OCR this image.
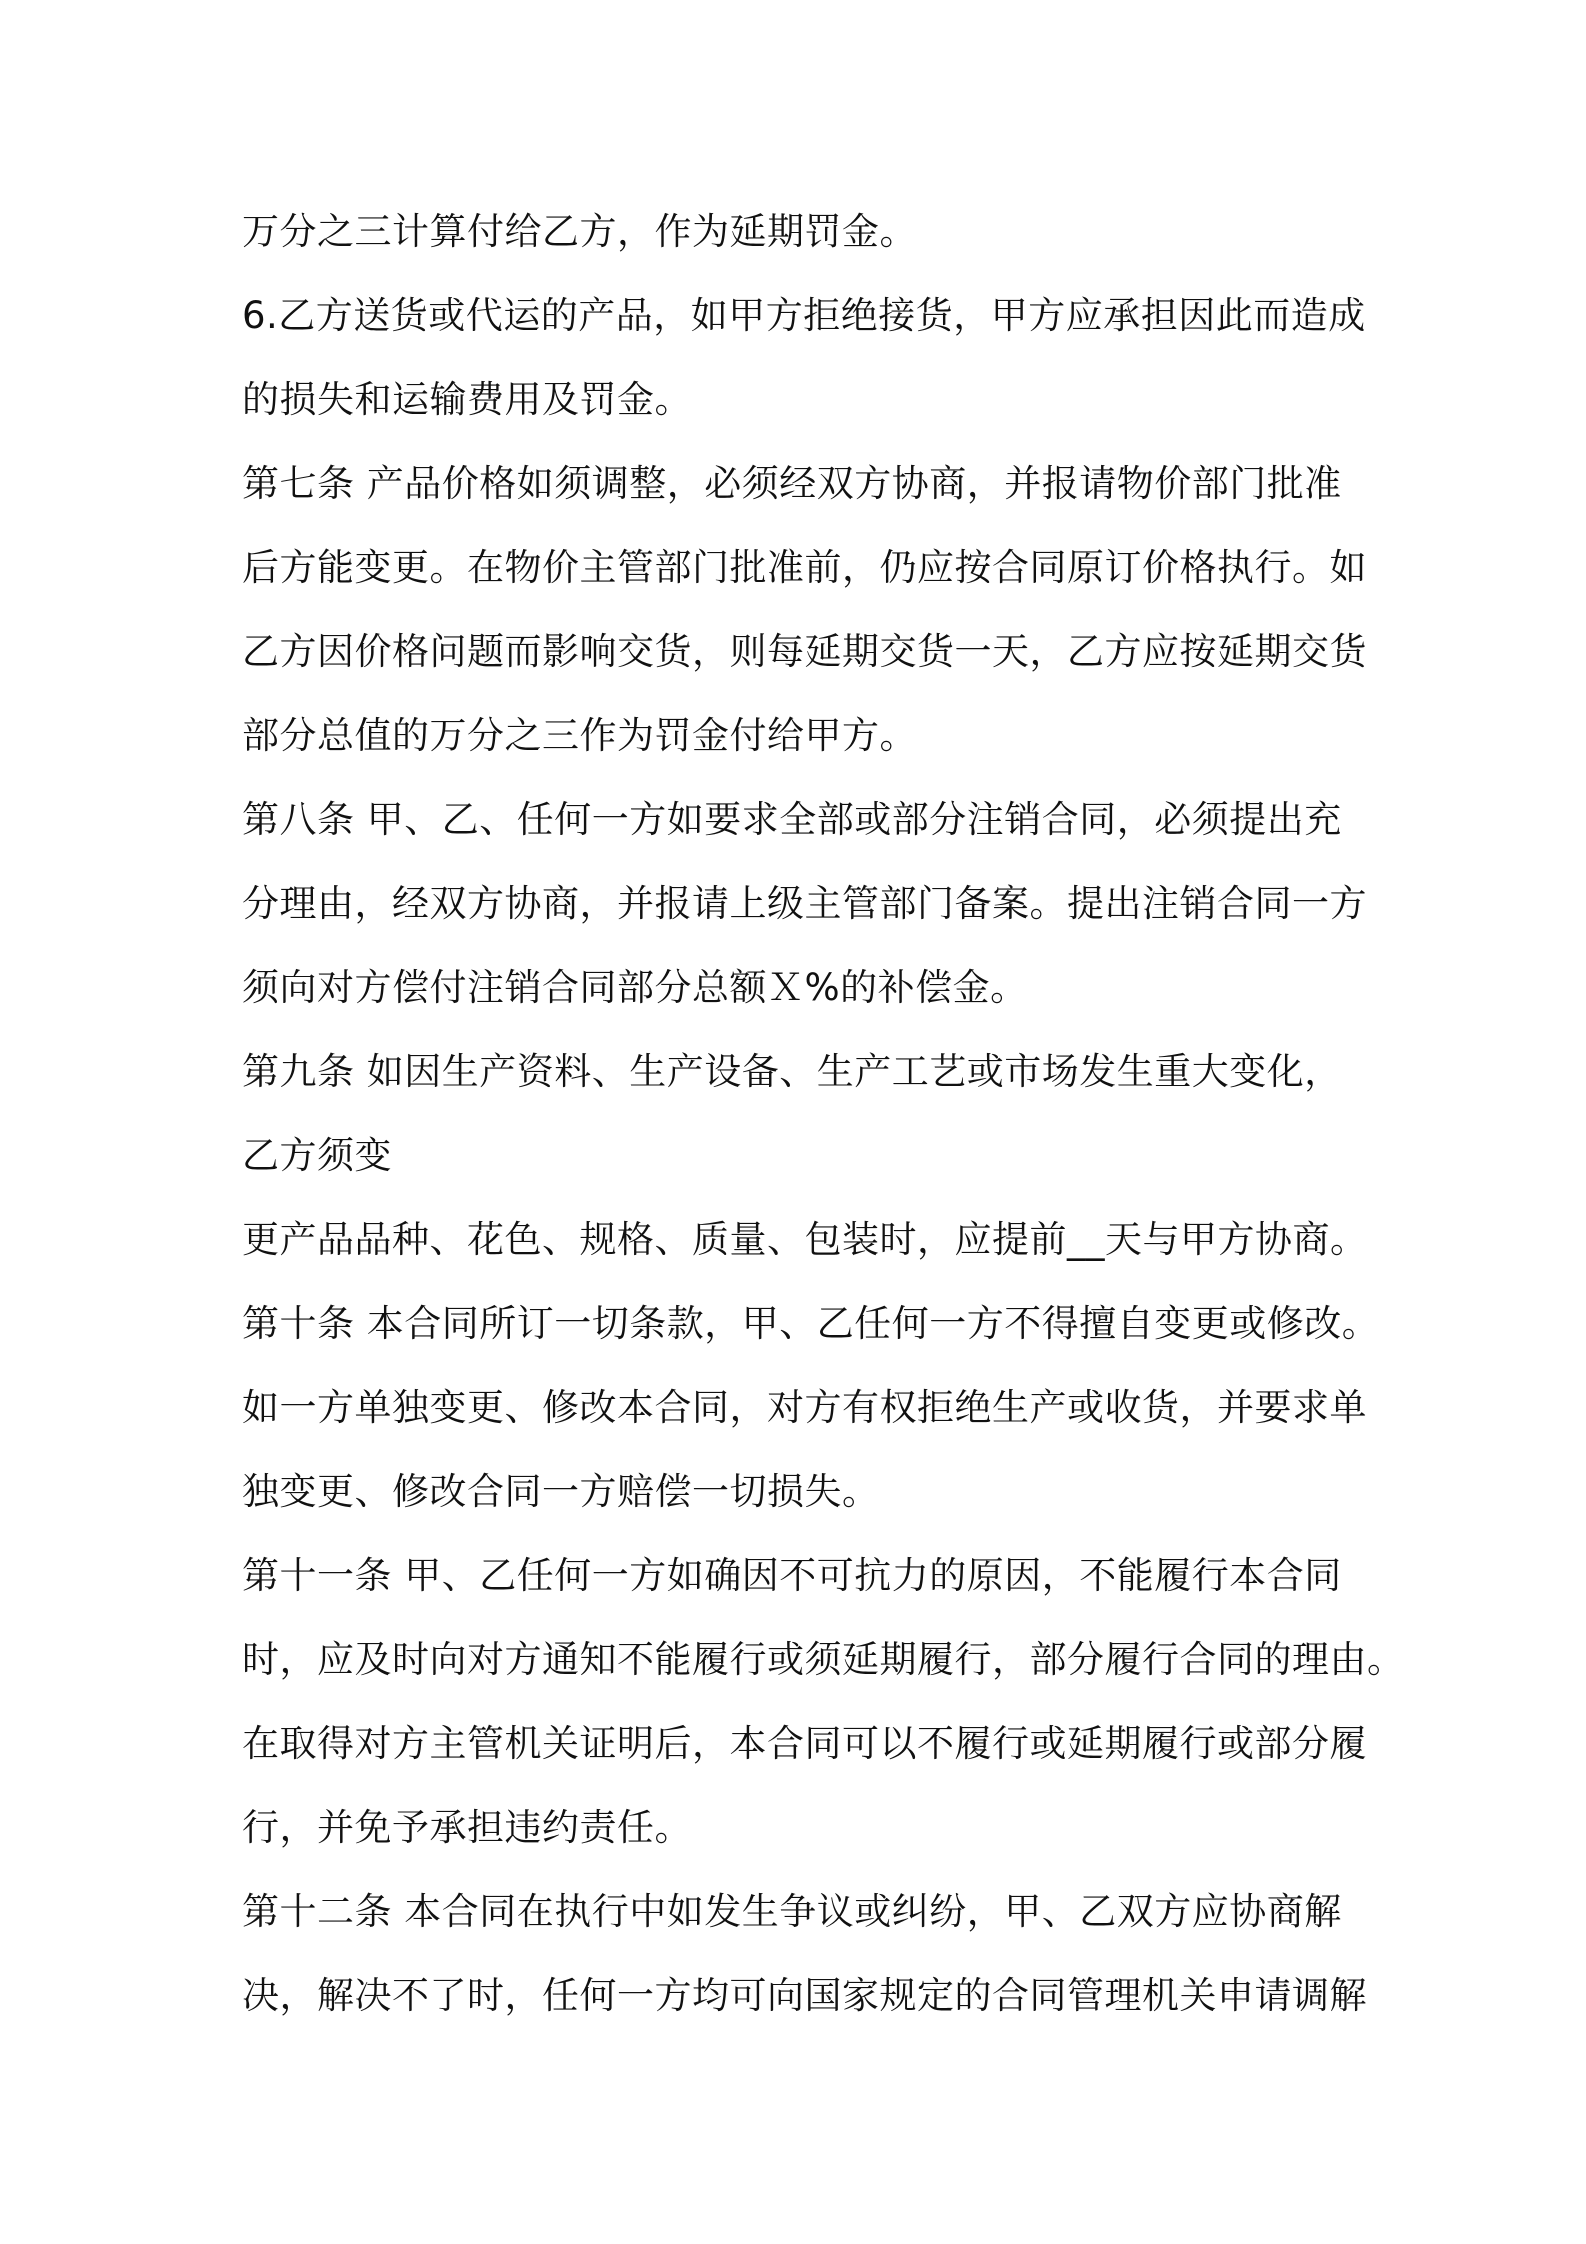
万分之三计算付给乙方，作为延期罚金。
6.乙方送货或代运的产品，如甲方拒绝接货，甲方应承担因此而造成
的损失和运输费用及罚金。
第七条 产品价格如须调整，必须经双方协商，并报请物价部门批准
后方能变更。在物价主管部门批准前，仍应按合同原订价格执行。如
乙方因价格问题而影响交货，则每延期交货一天，乙方应按延期交货
部分总值的万分之三作为罚金付给甲方。
第八条 甲、乙、任何一方如要求全部或部分注销合同，必须提出充
分理由，经双方协商，并报请上级主管部门备案。提出注销合同一方
须向对方偿付注销合同部分总额Ｘ%的补偿金。
第九条 如因生产资料、生产设备、生产工艺或市场发生重大变化，
乙方须变
更产品品种、花色、规格、质量、包装时，应提前__天与甲方协商。
第十条 本合同所订一切条款，甲、乙任何一方不得擅自变更或修改。
如一方单独变更、修改本合同，对方有权拒绝生产或收货，并要求单
独变更、修改合同一方赔偿一切损失。
第十一条 甲、乙任何一方如确因不可抗力的原因，不能履行本合同
时，应及时向对方通知不能履行或须延期履行，部分履行合同的理由。
在取得对方主管机关证明后，本合同可以不履行或延期履行或部分履
行，并免予承担违约责任。
第十二条 本合同在执行中如发生争议或纠纷，甲、乙双方应协商解
决，解决不了时，任何一方均可向国家规定的合同管理机关申请调解
